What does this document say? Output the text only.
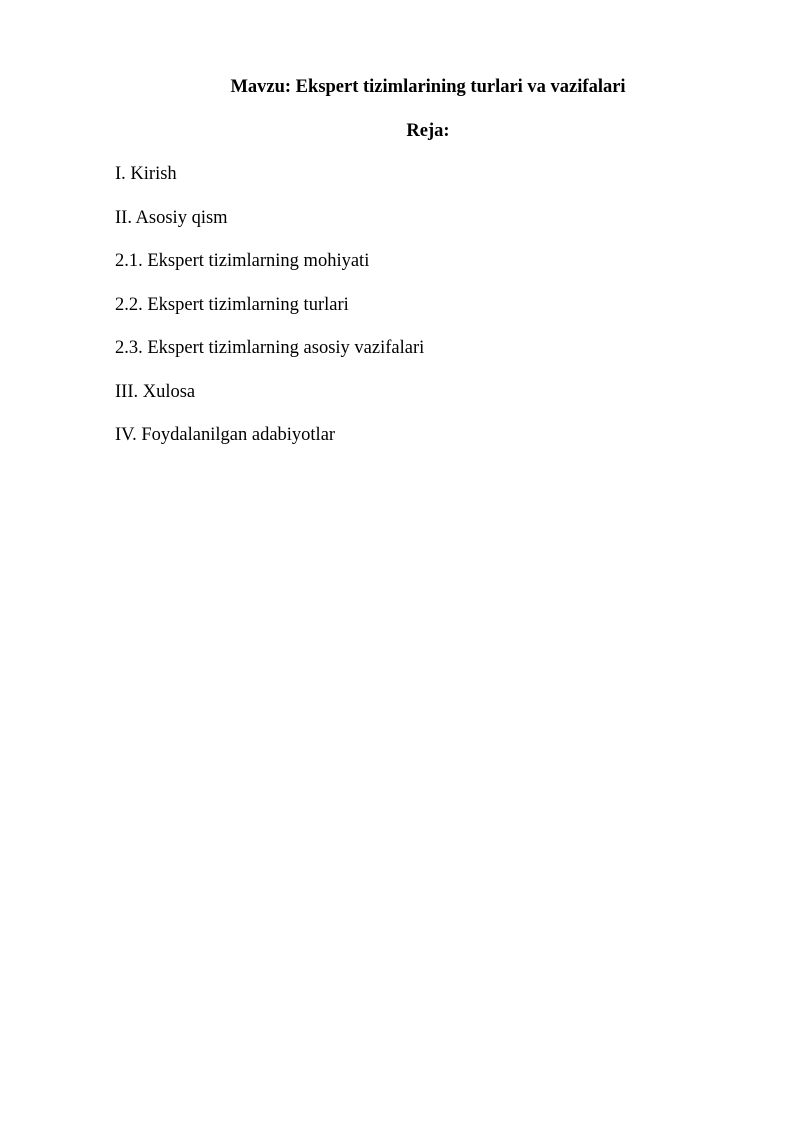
Mavzu: Ekspert tizimlarining turlari va vazifalari
Reja:
I. Kirish
II. Asosiy qism
2.1. Ekspert tizimlarning mohiyati
2.2. Ekspert tizimlarning turlari
2.3. Ekspert tizimlarning asosiy vazifalari
III. Xulosa
IV. Foydalanilgan adabiyotlar
